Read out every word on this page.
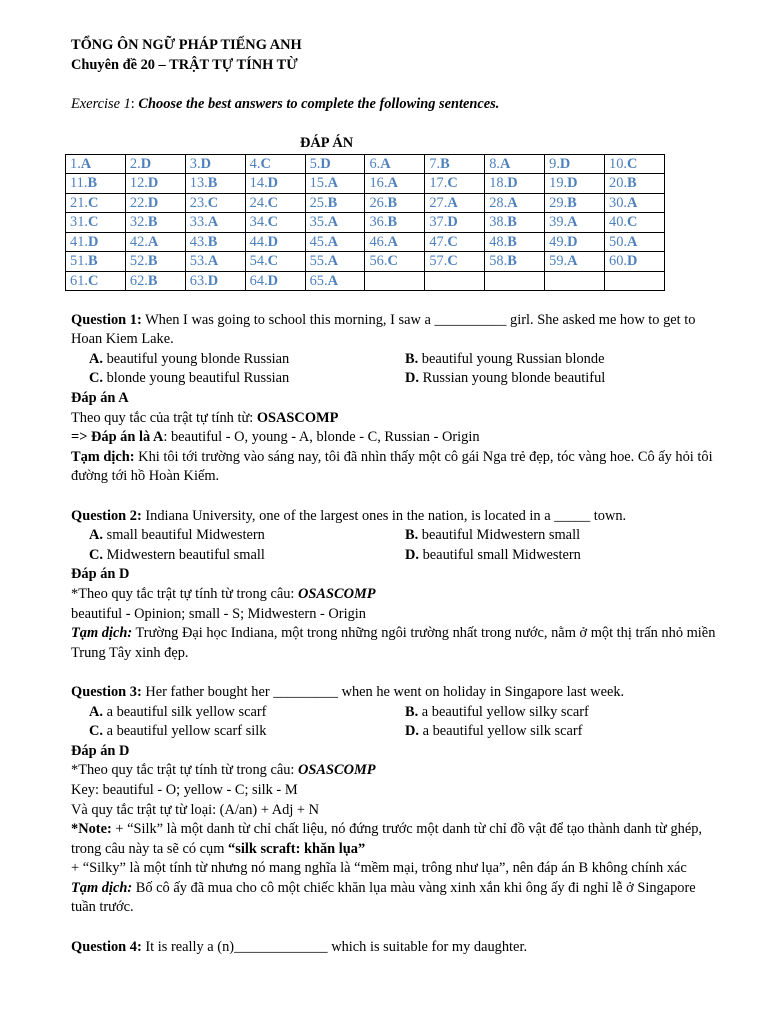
TỔNG ÔN NGỮ PHÁP TIẾNG ANH
Chuyên đề 20 – TRẬT TỰ TÍNH TỪ
Exercise 1: Choose the best answers to complete the following sentences.
ĐÁP ÁN
1.A	2.D	3.D	4.C	5.D	6.A	7.B	8.A	9.D	10.C
11.B	12.D	13.B	14.D	15.A	16.A	17.C	18.D	19.D	20.B
21.C	22.D	23.C	24.C	25.B	26.B	27.A	28.A	29.B	30.A
31.C	32.B	33.A	34.C	35.A	36.B	37.D	38.B	39.A	40.C
41.D	42.A	43.B	44.D	45.A	46.A	47.C	48.B	49.D	50.A
51.B	52.B	53.A	54.C	55.A	56.C	57.C	58.B	59.A	60.D
61.C	62.B	63.D	64.D	65.A					
Question 1: When I was going to school this morning, I saw a __________ girl. She asked me how to get to Hoan Kiem Lake.
A. beautiful young blonde Russian	B. beautiful young Russian blonde
C. blonde young beautiful Russian	D. Russian young blonde beautiful
Đáp án A
Theo quy tắc của trật tự tính từ: OSASCOMP
=> Đáp án là A: beautiful - O, young - A, blonde - C, Russian - Origin
Tạm dịch: Khi tôi tới trường vào sáng nay, tôi đã nhìn thấy một cô gái Nga trẻ đẹp, tóc vàng hoe. Cô ấy hỏi tôi đường tới hồ Hoàn Kiếm.
Question 2: Indiana University, one of the largest ones in the nation, is located in a _____ town.
A. small beautiful Midwestern	B. beautiful Midwestern small
C. Midwestern beautiful small	D. beautiful small Midwestern
Đáp án D
*Theo quy tắc trật tự tính từ trong câu: OSASCOMP
beautiful - Opinion; small - S; Midwestern - Origin
Tạm dịch: Trường Đại học Indiana, một trong những ngôi trường nhất trong nước, nằm ở một thị trấn nhỏ miền Trung Tây xinh đẹp.
Question 3: Her father bought her _________ when he went on holiday in Singapore last week.
A. a beautiful silk yellow scarf	B. a beautiful yellow silky scarf
C. a beautiful yellow scarf silk	D. a beautiful yellow silk scarf
Đáp án D
*Theo quy tắc trật tự tính từ trong câu: OSASCOMP
Key: beautiful - O; yellow - C; silk - M
Và quy tắc trật tự từ loại: (A/an) + Adj + N
*Note: + “Silk” là một danh từ chỉ chất liệu, nó đứng trước một danh từ chỉ đồ vật để tạo thành danh từ ghép, trong câu này ta sẽ có cụm “silk scraft: khăn lụa”
+ “Silky” là một tính từ nhưng nó mang nghĩa là “mềm mại, trông như lụa”, nên đáp án B không chính xác
Tạm dịch: Bố cô ấy đã mua cho cô một chiếc khăn lụa màu vàng xinh xắn khi ông ấy đi nghỉ lễ ở Singapore tuần trước.
Question 4: It is really a (n)_____________ which is suitable for my daughter.
